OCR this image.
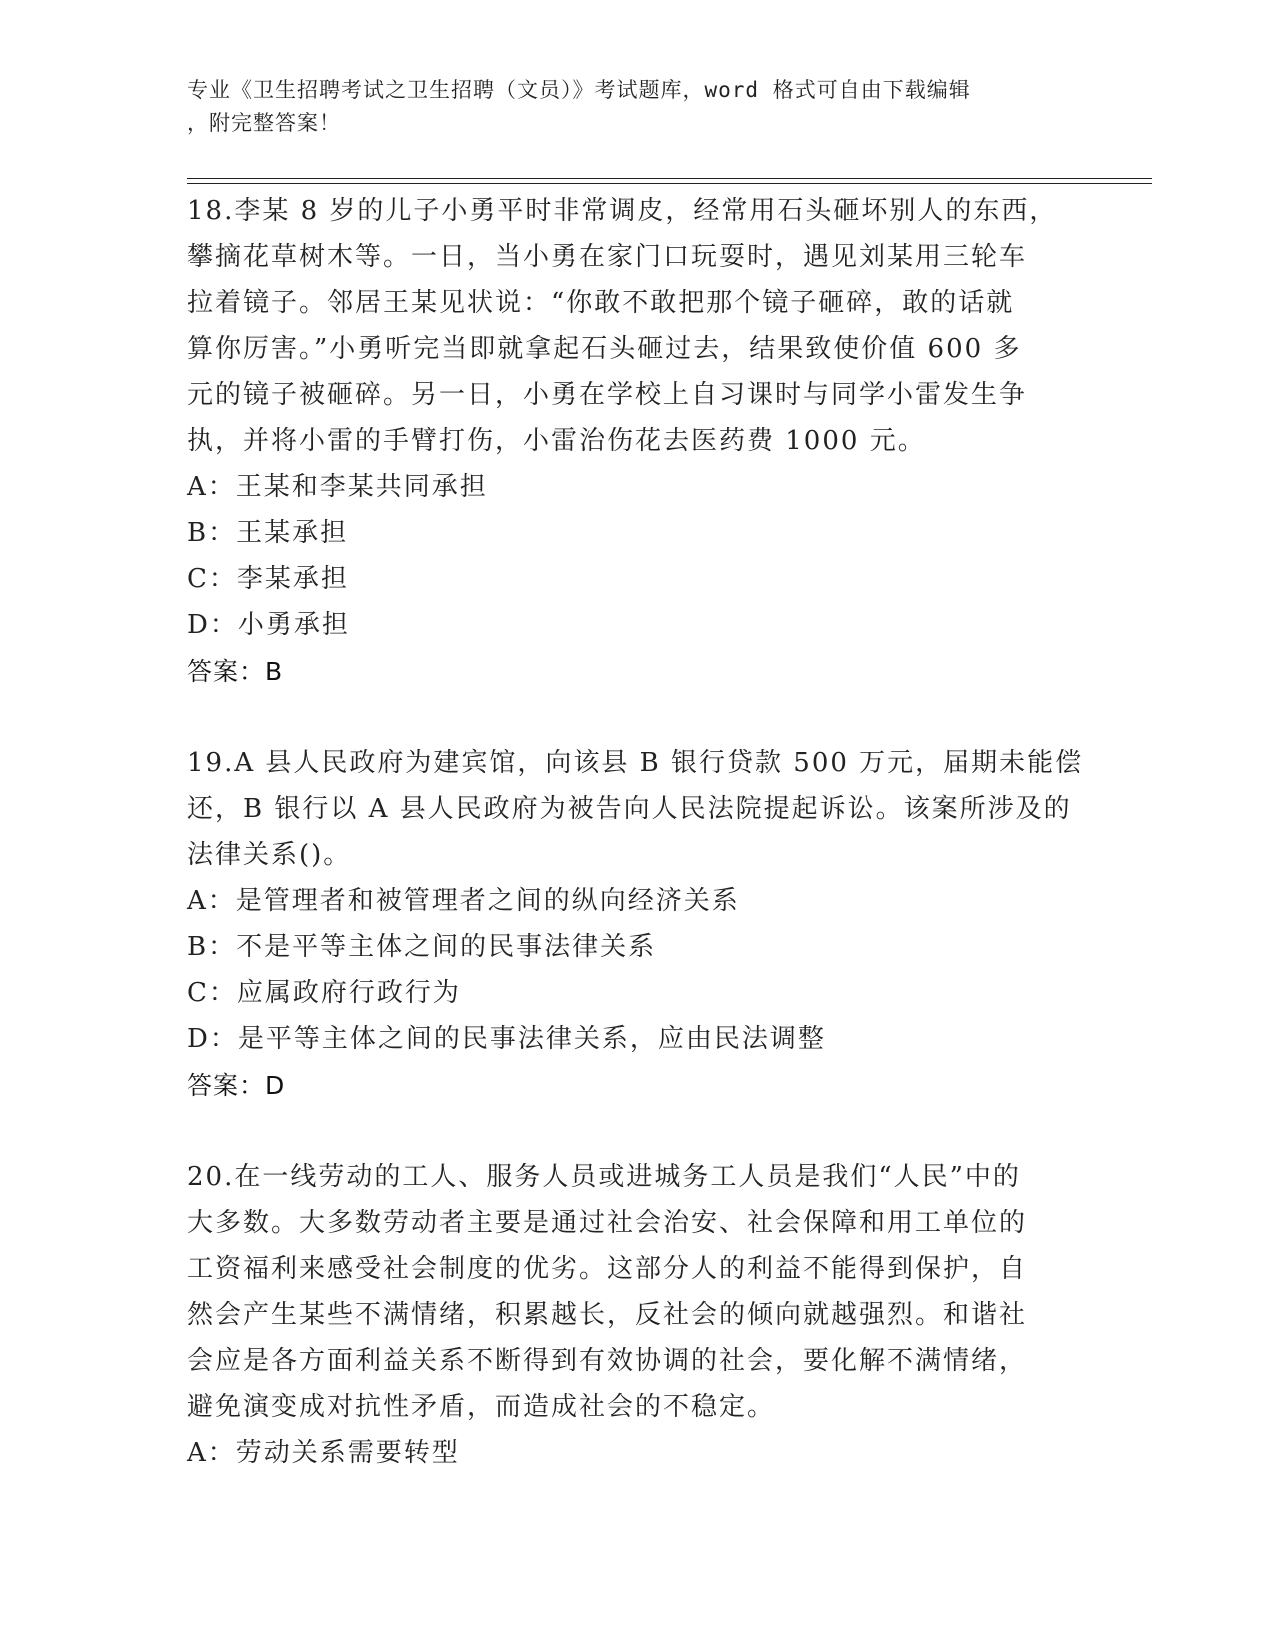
专业《卫生招聘考试之卫生招聘（文员）》考试题库，word 格式可自由下载编辑
，附完整答案！
18.李某 8 岁的儿子小勇平时非常调皮，经常用石头砸坏别人的东西，
攀摘花草树木等。一日，当小勇在家门口玩耍时，遇见刘某用三轮车
拉着镜子。邻居王某见状说：“你敢不敢把那个镜子砸碎，敢的话就
算你厉害。”小勇听完当即就拿起石头砸过去，结果致使价值 600 多
元的镜子被砸碎。另一日，小勇在学校上自习课时与同学小雷发生争
执，并将小雷的手臂打伤，小雷治伤花去医药费 1000 元。
A：王某和李某共同承担
B：王某承担
C：李某承担
D：小勇承担
答案：B
19.A 县人民政府为建宾馆，向该县 B 银行贷款 500 万元，届期未能偿
还，B 银行以 A 县人民政府为被告向人民法院提起诉讼。该案所涉及的
法律关系()。
A：是管理者和被管理者之间的纵向经济关系
B：不是平等主体之间的民事法律关系
C：应属政府行政行为
D：是平等主体之间的民事法律关系，应由民法调整
答案：D
20.在一线劳动的工人、服务人员或进城务工人员是我们“人民”中的
大多数。大多数劳动者主要是通过社会治安、社会保障和用工单位的
工资福利来感受社会制度的优劣。这部分人的利益不能得到保护，自
然会产生某些不满情绪，积累越长，反社会的倾向就越强烈。和谐社
会应是各方面利益关系不断得到有效协调的社会，要化解不满情绪，
避免演变成对抗性矛盾，而造成社会的不稳定。
A：劳动关系需要转型
